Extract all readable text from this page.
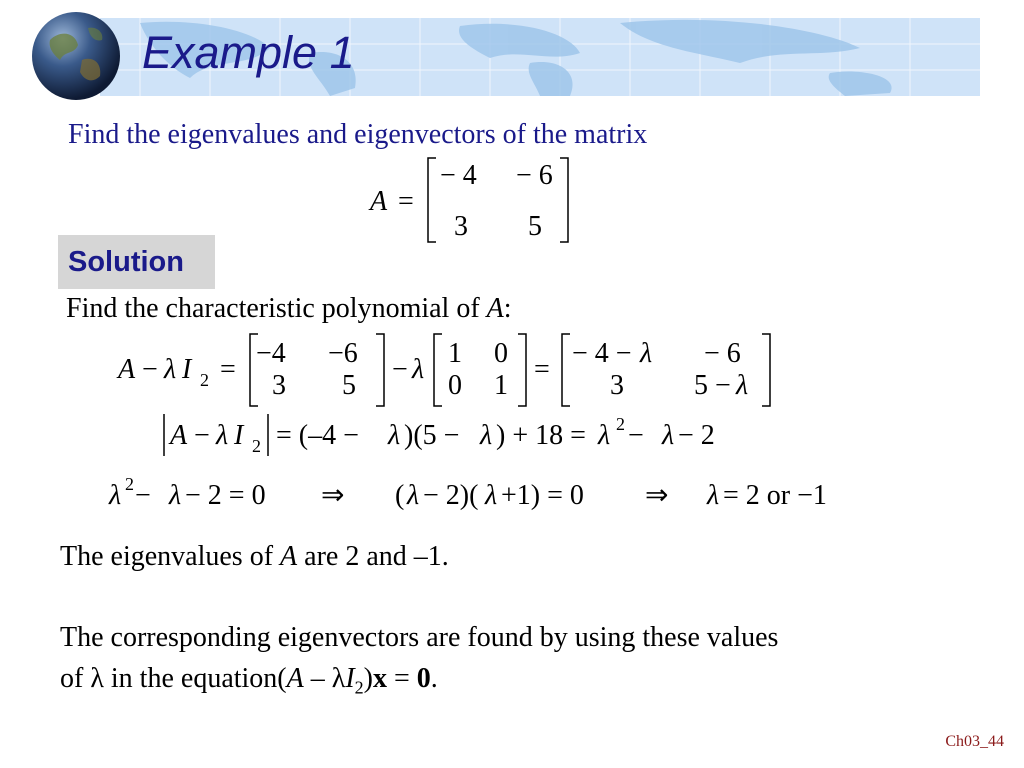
Example 1
Find the eigenvalues and eigenvectors of the matrix
A =
− 4 − 6
3 5
Solution
Find the characteristic polynomial of A:
A − λ I 2 =
−4 −6
3 5
− λ
1 0
0 1
=
− 4 − λ − 6
3	5 − λ
A − λ I 2 = (–4 − λ )(5 − λ ) + 18 = λ 2 − λ − 2
λ 2 − λ − 2 = 0 ⇒ ( λ − 2)( λ +1) = 0 ⇒ λ = 2 or −1
The eigenvalues of A are 2 and –1.
The corresponding eigenvectors are found by using these values
of λ in the equation(A – $\lambda I_2)x = 0$.
Ch03_44
